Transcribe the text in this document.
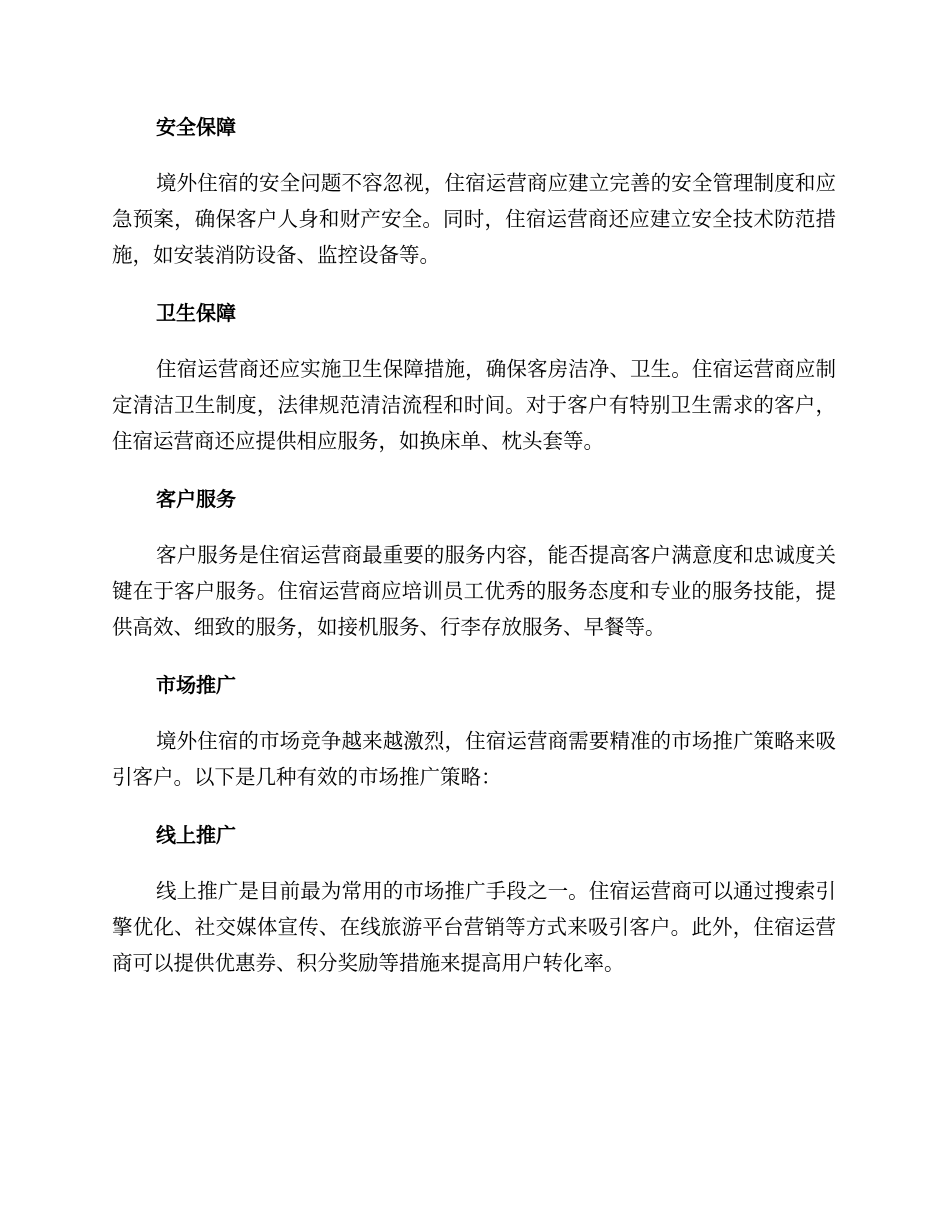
安全保障

境外住宿的安全问题不容忽视，住宿运营商应建立完善的安全管理制度和应急预案，确保客户人身和财产安全。同时，住宿运营商还应建立安全技术防范措施，如安装消防设备、监控设备等。

卫生保障

住宿运营商还应实施卫生保障措施，确保客房洁净、卫生。住宿运营商应制定清洁卫生制度，法律规范清洁流程和时间。对于客户有特别卫生需求的客户，住宿运营商还应提供相应服务，如换床单、枕头套等。

客户服务

客户服务是住宿运营商最重要的服务内容，能否提高客户满意度和忠诚度关键在于客户服务。住宿运营商应培训员工优秀的服务态度和专业的服务技能，提供高效、细致的服务，如接机服务、行李存放服务、早餐等。

市场推广

境外住宿的市场竞争越来越激烈，住宿运营商需要精准的市场推广策略来吸引客户。以下是几种有效的市场推广策略：

线上推广

线上推广是目前最为常用的市场推广手段之一。住宿运营商可以通过搜索引擎优化、社交媒体宣传、在线旅游平台营销等方式来吸引客户。此外，住宿运营商可以提供优惠券、积分奖励等措施来提高用户转化率。
